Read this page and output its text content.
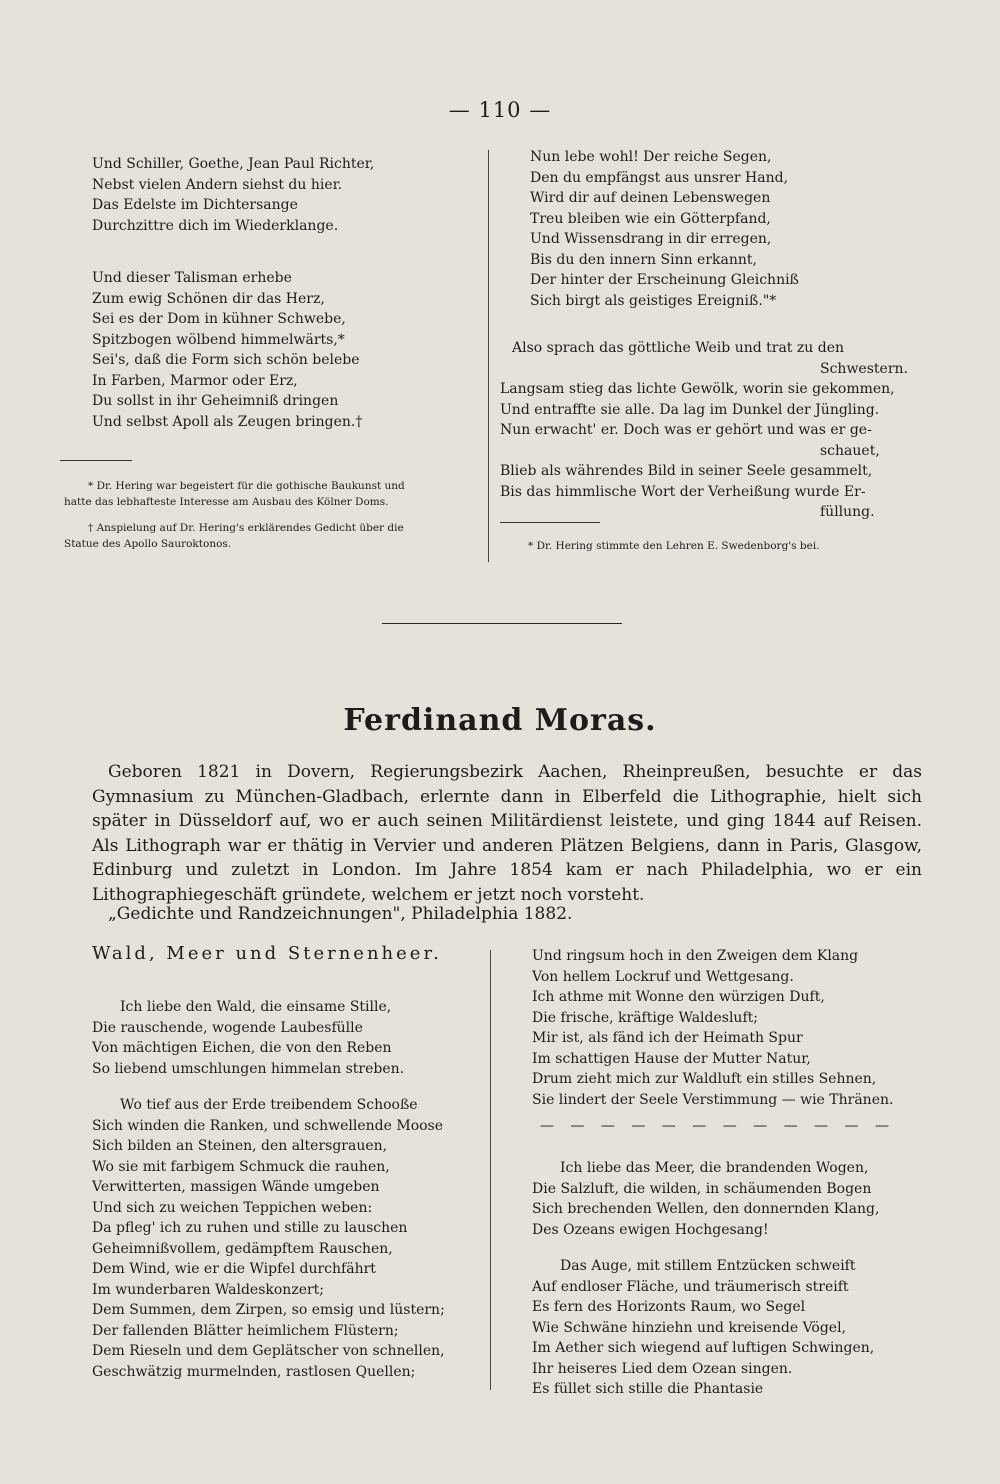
— 110 —
Und Schiller, Goethe, Jean Paul Richter,
Nebst vielen Andern siehst du hier.
Das Edelste im Dichtersange
Durchzittre dich im Wiederklange.
Und dieser Talisman erhebe
Zum ewig Schönen dir das Herz,
Sei es der Dom in kühner Schwebe,
Spitzbogen wölbend himmelwärts,*
Sei's, daß die Form sich schön belebe
In Farben, Marmor oder Erz,
Du sollst in ihr Geheimniß dringen
Und selbst Apoll als Zeugen bringen.†
* Dr. Hering war begeistert für die gothische Baukunst und
hatte das lebhafteste Interesse am Ausbau des Kölner Doms.
† Anspielung auf Dr. Hering's erklärendes Gedicht über die
Statue des Apollo Sauroktonos.
Nun lebe wohl! Der reiche Segen,
Den du empfängst aus unsrer Hand,
Wird dir auf deinen Lebenswegen
Treu bleiben wie ein Götterpfand,
Und Wissensdrang in dir erregen,
Bis du den innern Sinn erkannt,
Der hinter der Erscheinung Gleichniß
Sich birgt als geistiges Ereigniß."*
Also sprach das göttliche Weib und trat zu den
Schwestern.
Langsam stieg das lichte Gewölk, worin sie gekommen,
Und entraffte sie alle. Da lag im Dunkel der Jüngling.
Nun erwacht' er. Doch was er gehört und was er ge-
schauet,
Blieb als währendes Bild in seiner Seele gesammelt,
Bis das himmlische Wort der Verheißung wurde Er-
füllung.
* Dr. Hering stimmte den Lehren E. Swedenborg's bei.
Ferdinand Moras.

Geboren 1821 in Dovern, Regierungsbezirk Aachen, Rheinpreußen, besuchte er das Gymnasium zu München-Gladbach, erlernte dann in Elberfeld die Lithographie, hielt sich später in Düsseldorf auf, wo er auch seinen Militärdienst leistete, und ging 1844 auf Reisen. Als Lithograph war er thätig in Vervier und anderen Plätzen Belgiens, dann in Paris, Glasgow, Edinburg und zuletzt in London. Im Jahre 1854 kam er nach Philadelphia, wo er ein Lithographiegeschäft gründete, welchem er jetzt noch vorsteht.

„Gedichte und Randzeichnungen", Philadelphia 1882.
Wald, Meer und Sternenheer.
Ich liebe den Wald, die einsame Stille,
Die rauschende, wogende Laubesfülle
Von mächtigen Eichen, die von den Reben
So liebend umschlungen himmelan streben.
Wo tief aus der Erde treibendem Schooße
Sich winden die Ranken, und schwellende Moose
Sich bilden an Steinen, den altersgrauen,
Wo sie mit farbigem Schmuck die rauhen,
Verwitterten, massigen Wände umgeben
Und sich zu weichen Teppichen weben:
Da pfleg' ich zu ruhen und stille zu lauschen
Geheimnißvollem, gedämpftem Rauschen,
Dem Wind, wie er die Wipfel durchfährt
Im wunderbaren Waldeskonzert;
Dem Summen, dem Zirpen, so emsig und lüstern;
Der fallenden Blätter heimlichem Flüstern;
Dem Rieseln und dem Geplätscher von schnellen,
Geschwätzig murmelnden, rastlosen Quellen;
Und ringsum hoch in den Zweigen dem Klang
Von hellem Lockruf und Wettgesang.
Ich athme mit Wonne den würzigen Duft,
Die frische, kräftige Waldesluft;
Mir ist, als fänd ich der Heimath Spur
Im schattigen Hause der Mutter Natur,
Drum zieht mich zur Waldluft ein stilles Sehnen,
Sie lindert der Seele Verstimmung — wie Thränen.
— — — — — — — — — — — —
Ich liebe das Meer, die brandenden Wogen,
Die Salzluft, die wilden, in schäumenden Bogen
Sich brechenden Wellen, den donnernden Klang,
Des Ozeans ewigen Hochgesang!
Das Auge, mit stillem Entzücken schweift
Auf endloser Fläche, und träumerisch streift
Es fern des Horizonts Raum, wo Segel
Wie Schwäne hinziehn und kreisende Vögel,
Im Aether sich wiegend auf luftigen Schwingen,
Ihr heiseres Lied dem Ozean singen.
Es füllet sich stille die Phantasie
